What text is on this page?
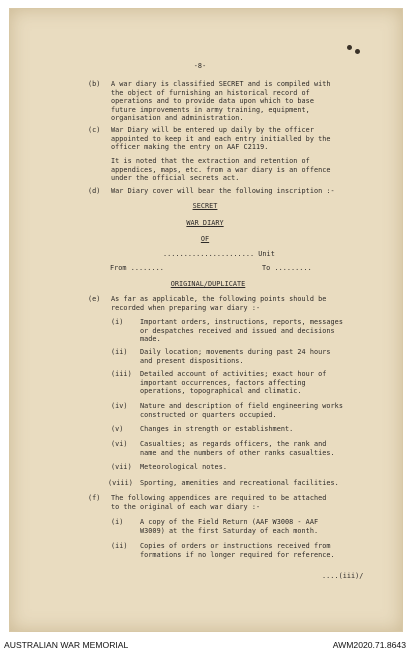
-8-
(b) A war diary is classified SECRET and is compiled with
the object of furnishing an historical record of
operations and to provide data upon which to base
future improvements in army training, equipment,
organisation and administration.
(c) War Diary will be entered up daily by the officer
appointed to keep it and each entry initialled by the
officer making the entry on AAF C2119.
It is noted that the extraction and retention of
appendices, maps, etc. from a war diary is an offence
under the official secrets act.
(d) War Diary cover will bear the following inscription :-
SECRET
WAR DIARY
OF
...................... Unit
From ........	To .........
ORIGINAL/DUPLICATE
(e) As far as applicable, the following points should be
recorded when preparing war diary :-
(i) Important orders, instructions, reports, messages
or despatches received and issued and decisions
made.
(ii) Daily location; movements during past 24 hours
and present dispositions.
(iii) Detailed account of activities; exact hour of
important occurrences, factors affecting
operations, topographical and climatic.
(iv) Nature and description of field engineering works
constructed or quarters occupied.
(v) Changes in strength or establishment.
(vi) Casualties; as regards officers, the rank and
name and the numbers of other ranks casualties.
(vii) Meteorological notes.
(viii) Sporting, amenities and recreational facilities.
(f) The following appendices are required to be attached
to the original of each war diary :-
(i) A copy of the Field Return (AAF W3008 - AAF
W3009) at the first Saturday of each month.
(ii) Copies of orders or instructions received from
formations if no longer required for reference.
....(iii)/
AUSTRALIAN WAR MEMORIAL	AWM2020.71.8643
